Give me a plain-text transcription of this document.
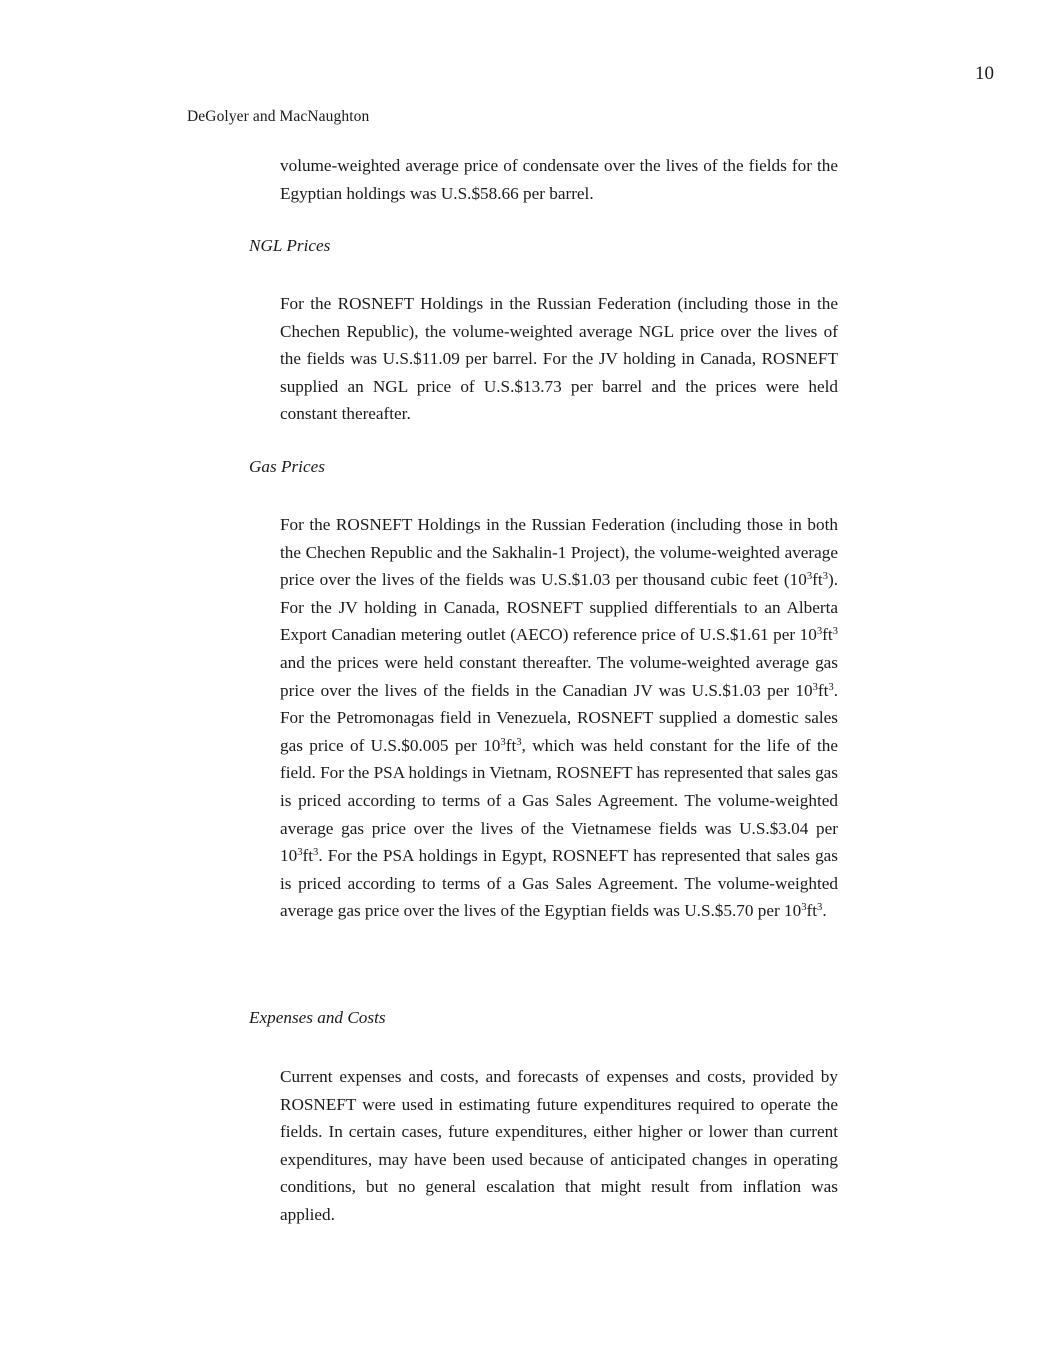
10
DeGolyer and MacNaughton

volume-weighted average price of condensate over the lives of the fields for the Egyptian holdings was U.S.$58.66 per barrel.

NGL Prices

For the ROSNEFT Holdings in the Russian Federation (including those in the Chechen Republic), the volume-weighted average NGL price over the lives of the fields was U.S.$11.09 per barrel. For the JV holding in Canada, ROSNEFT supplied an NGL price of U.S.$13.73 per barrel and the prices were held constant thereafter.

Gas Prices

For the ROSNEFT Holdings in the Russian Federation (including those in both the Chechen Republic and the Sakhalin-1 Project), the volume-weighted average price over the lives of the fields was U.S.$1.03 per thousand cubic feet $(10^3ft^3)$. For the JV holding in Canada, ROSNEFT supplied differentials to an Alberta Export Canadian metering outlet (AECO) reference price of U.S.$1.61 per $10^3ft^3$ and the prices were held constant thereafter. The volume-weighted average gas price over the lives of the fields in the Canadian JV was U.S.$1.03 per $10^3ft^3$. For the Petromonagas field in Venezuela, ROSNEFT supplied a domestic sales gas price of U.S.$0.005 per $10^3ft^3$, which was held constant for the life of the field. For the PSA holdings in Vietnam, ROSNEFT has represented that sales gas is priced according to terms of a Gas Sales Agreement. The volume-weighted average gas price over the lives of the Vietnamese fields was U.S.$3.04 per $10^3ft^3$. For the PSA holdings in Egypt, ROSNEFT has represented that sales gas is priced according to terms of a Gas Sales Agreement. The volume-weighted average gas price over the lives of the Egyptian fields was U.S.$5.70 per $10^3ft^3$.

Expenses and Costs

Current expenses and costs, and forecasts of expenses and costs, provided by ROSNEFT were used in estimating future expenditures required to operate the fields. In certain cases, future expenditures, either higher or lower than current expenditures, may have been used because of anticipated changes in operating conditions, but no general escalation that might result from inflation was applied.
